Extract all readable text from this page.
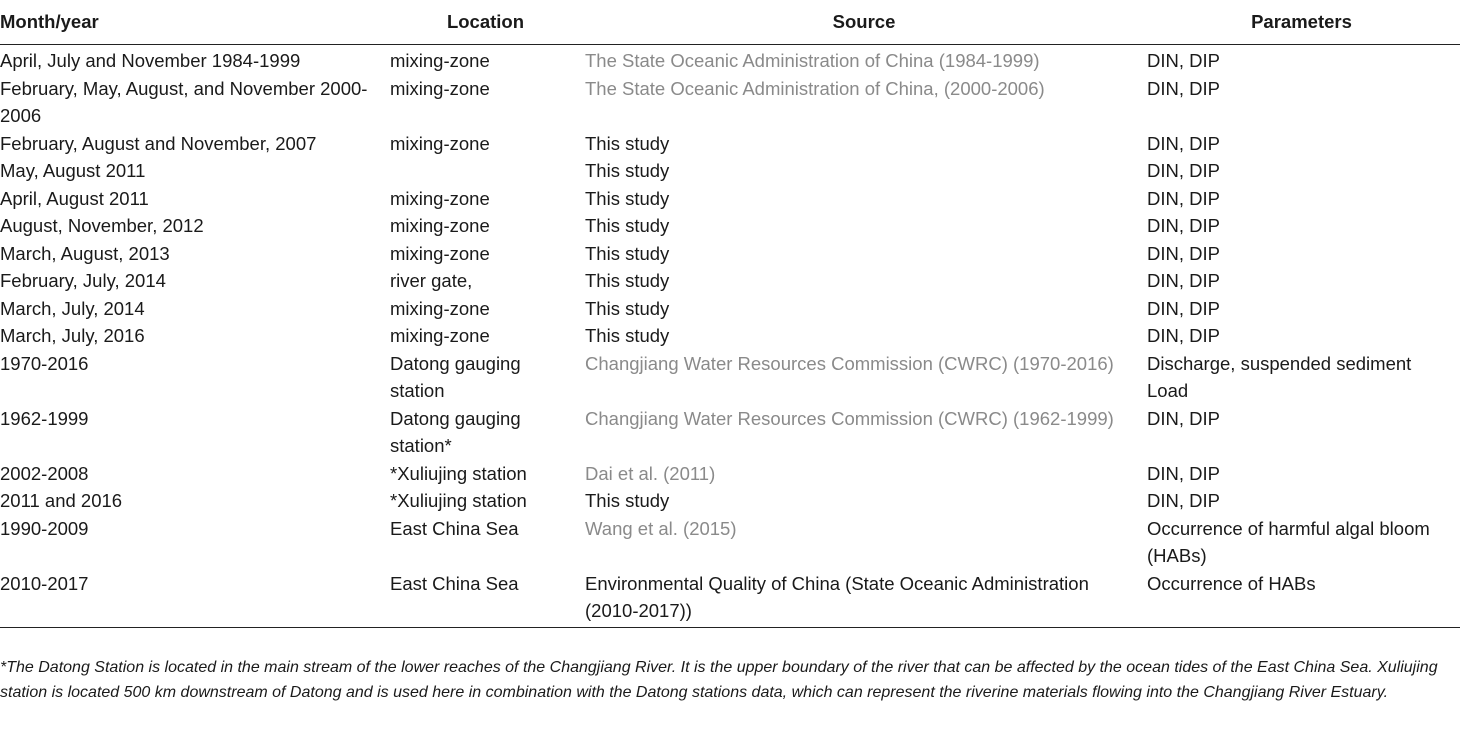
Month/year	Location	Source	Parameters
April, July and November 1984-1999	mixing-zone	The State Oceanic Administration of China (1984-1999)	DIN, DIP
February, May, August, and November 2000-2006	mixing-zone	The State Oceanic Administration of China, (2000-2006)	DIN, DIP
February, August and November, 2007	mixing-zone	This study	DIN, DIP
May, August 2011		This study	DIN, DIP
April, August 2011	mixing-zone	This study	DIN, DIP
August, November, 2012	mixing-zone	This study	DIN, DIP
March, August, 2013	mixing-zone	This study	DIN, DIP
February, July, 2014	river gate,	This study	DIN, DIP
March, July, 2014	mixing-zone	This study	DIN, DIP
March, July, 2016	mixing-zone	This study	DIN, DIP
1970-2016	Datong gauging station	Changjiang Water Resources Commission (CWRC) (1970-2016)	Discharge, suspended sediment Load
1962-1999	Datong gauging station*	Changjiang Water Resources Commission (CWRC) (1962-1999)	DIN, DIP
2002-2008	*Xuliujing station	Dai et al. (2011)	DIN, DIP
2011 and 2016	*Xuliujing station	This study	DIN, DIP
1990-2009	East China Sea	Wang et al. (2015)	Occurrence of harmful algal bloom (HABs)
2010-2017	East China Sea	Environmental Quality of China (State Oceanic Administration (2010-2017))	Occurrence of HABs
*The Datong Station is located in the main stream of the lower reaches of the Changjiang River. It is the upper boundary of the river that can be affected by the ocean tides of the East China Sea. Xuliujing station is located 500 km downstream of Datong and is used here in combination with the Datong stations data, which can represent the riverine materials flowing into the Changjiang River Estuary.
